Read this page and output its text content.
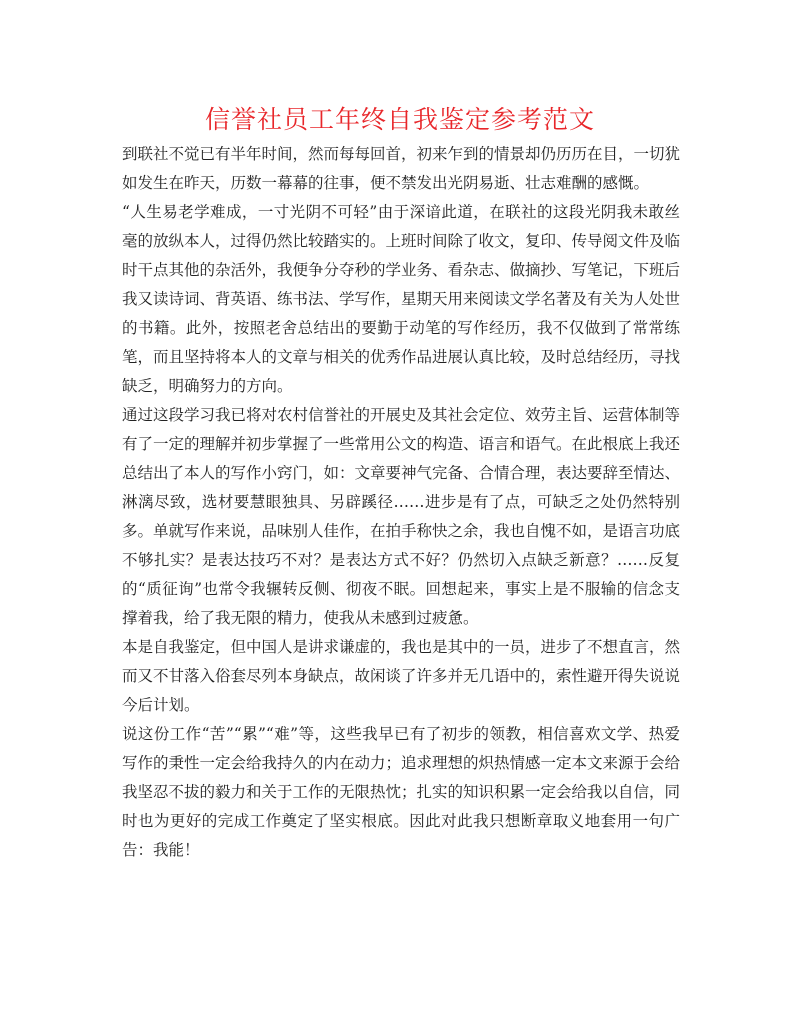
信誉社员工年终自我鉴定参考范文

到联社不觉已有半年时间，然而每每回首，初来乍到的情景却仍历历在目，一切犹如发生在昨天，历数一幕幕的往事，便不禁发出光阴易逝、壮志难酬的感慨。

“人生易老学难成，一寸光阴不可轻”由于深谙此道，在联社的这段光阴我未敢丝毫的放纵本人，过得仍然比较踏实的。上班时间除了收文，复印、传导阅文件及临时干点其他的杂活外，我便争分夺秒的学业务、看杂志、做摘抄、写笔记，下班后我又读诗词、背英语、练书法、学写作，星期天用来阅读文学名著及有关为人处世的书籍。此外，按照老舍总结出的要勤于动笔的写作经历，我不仅做到了常常练笔，而且坚持将本人的文章与相关的优秀作品进展认真比较，及时总结经历，寻找缺乏，明确努力的方向。

通过这段学习我已将对农村信誉社的开展史及其社会定位、效劳主旨、运营体制等有了一定的理解并初步掌握了一些常用公文的构造、语言和语气。在此根底上我还总结出了本人的写作小窍门，如：文章要神气完备、合情合理，表达要辞至情达、淋漓尽致，选材要慧眼独具、另辟蹊径……进步是有了点，可缺乏之处仍然特别多。单就写作来说，品味别人佳作，在拍手称快之余，我也自愧不如，是语言功底不够扎实？是表达技巧不对？是表达方式不好？仍然切入点缺乏新意？……反复的“质征询”也常令我辗转反侧、彻夜不眠。回想起来，事实上是不服输的信念支撑着我，给了我无限的精力，使我从未感到过疲惫。

本是自我鉴定，但中国人是讲求谦虚的，我也是其中的一员，进步了不想直言，然而又不甘落入俗套尽列本身缺点，故闲谈了许多并无几语中的，索性避开得失说说今后计划。

说这份工作“苦”“累”“难”等，这些我早已有了初步的领教，相信喜欢文学、热爱写作的秉性一定会给我持久的内在动力；追求理想的炽热情感一定本文来源于会给我坚忍不拔的毅力和关于工作的无限热忱；扎实的知识积累一定会给我以自信，同时也为更好的完成工作奠定了坚实根底。因此对此我只想断章取义地套用一句广告：我能！
